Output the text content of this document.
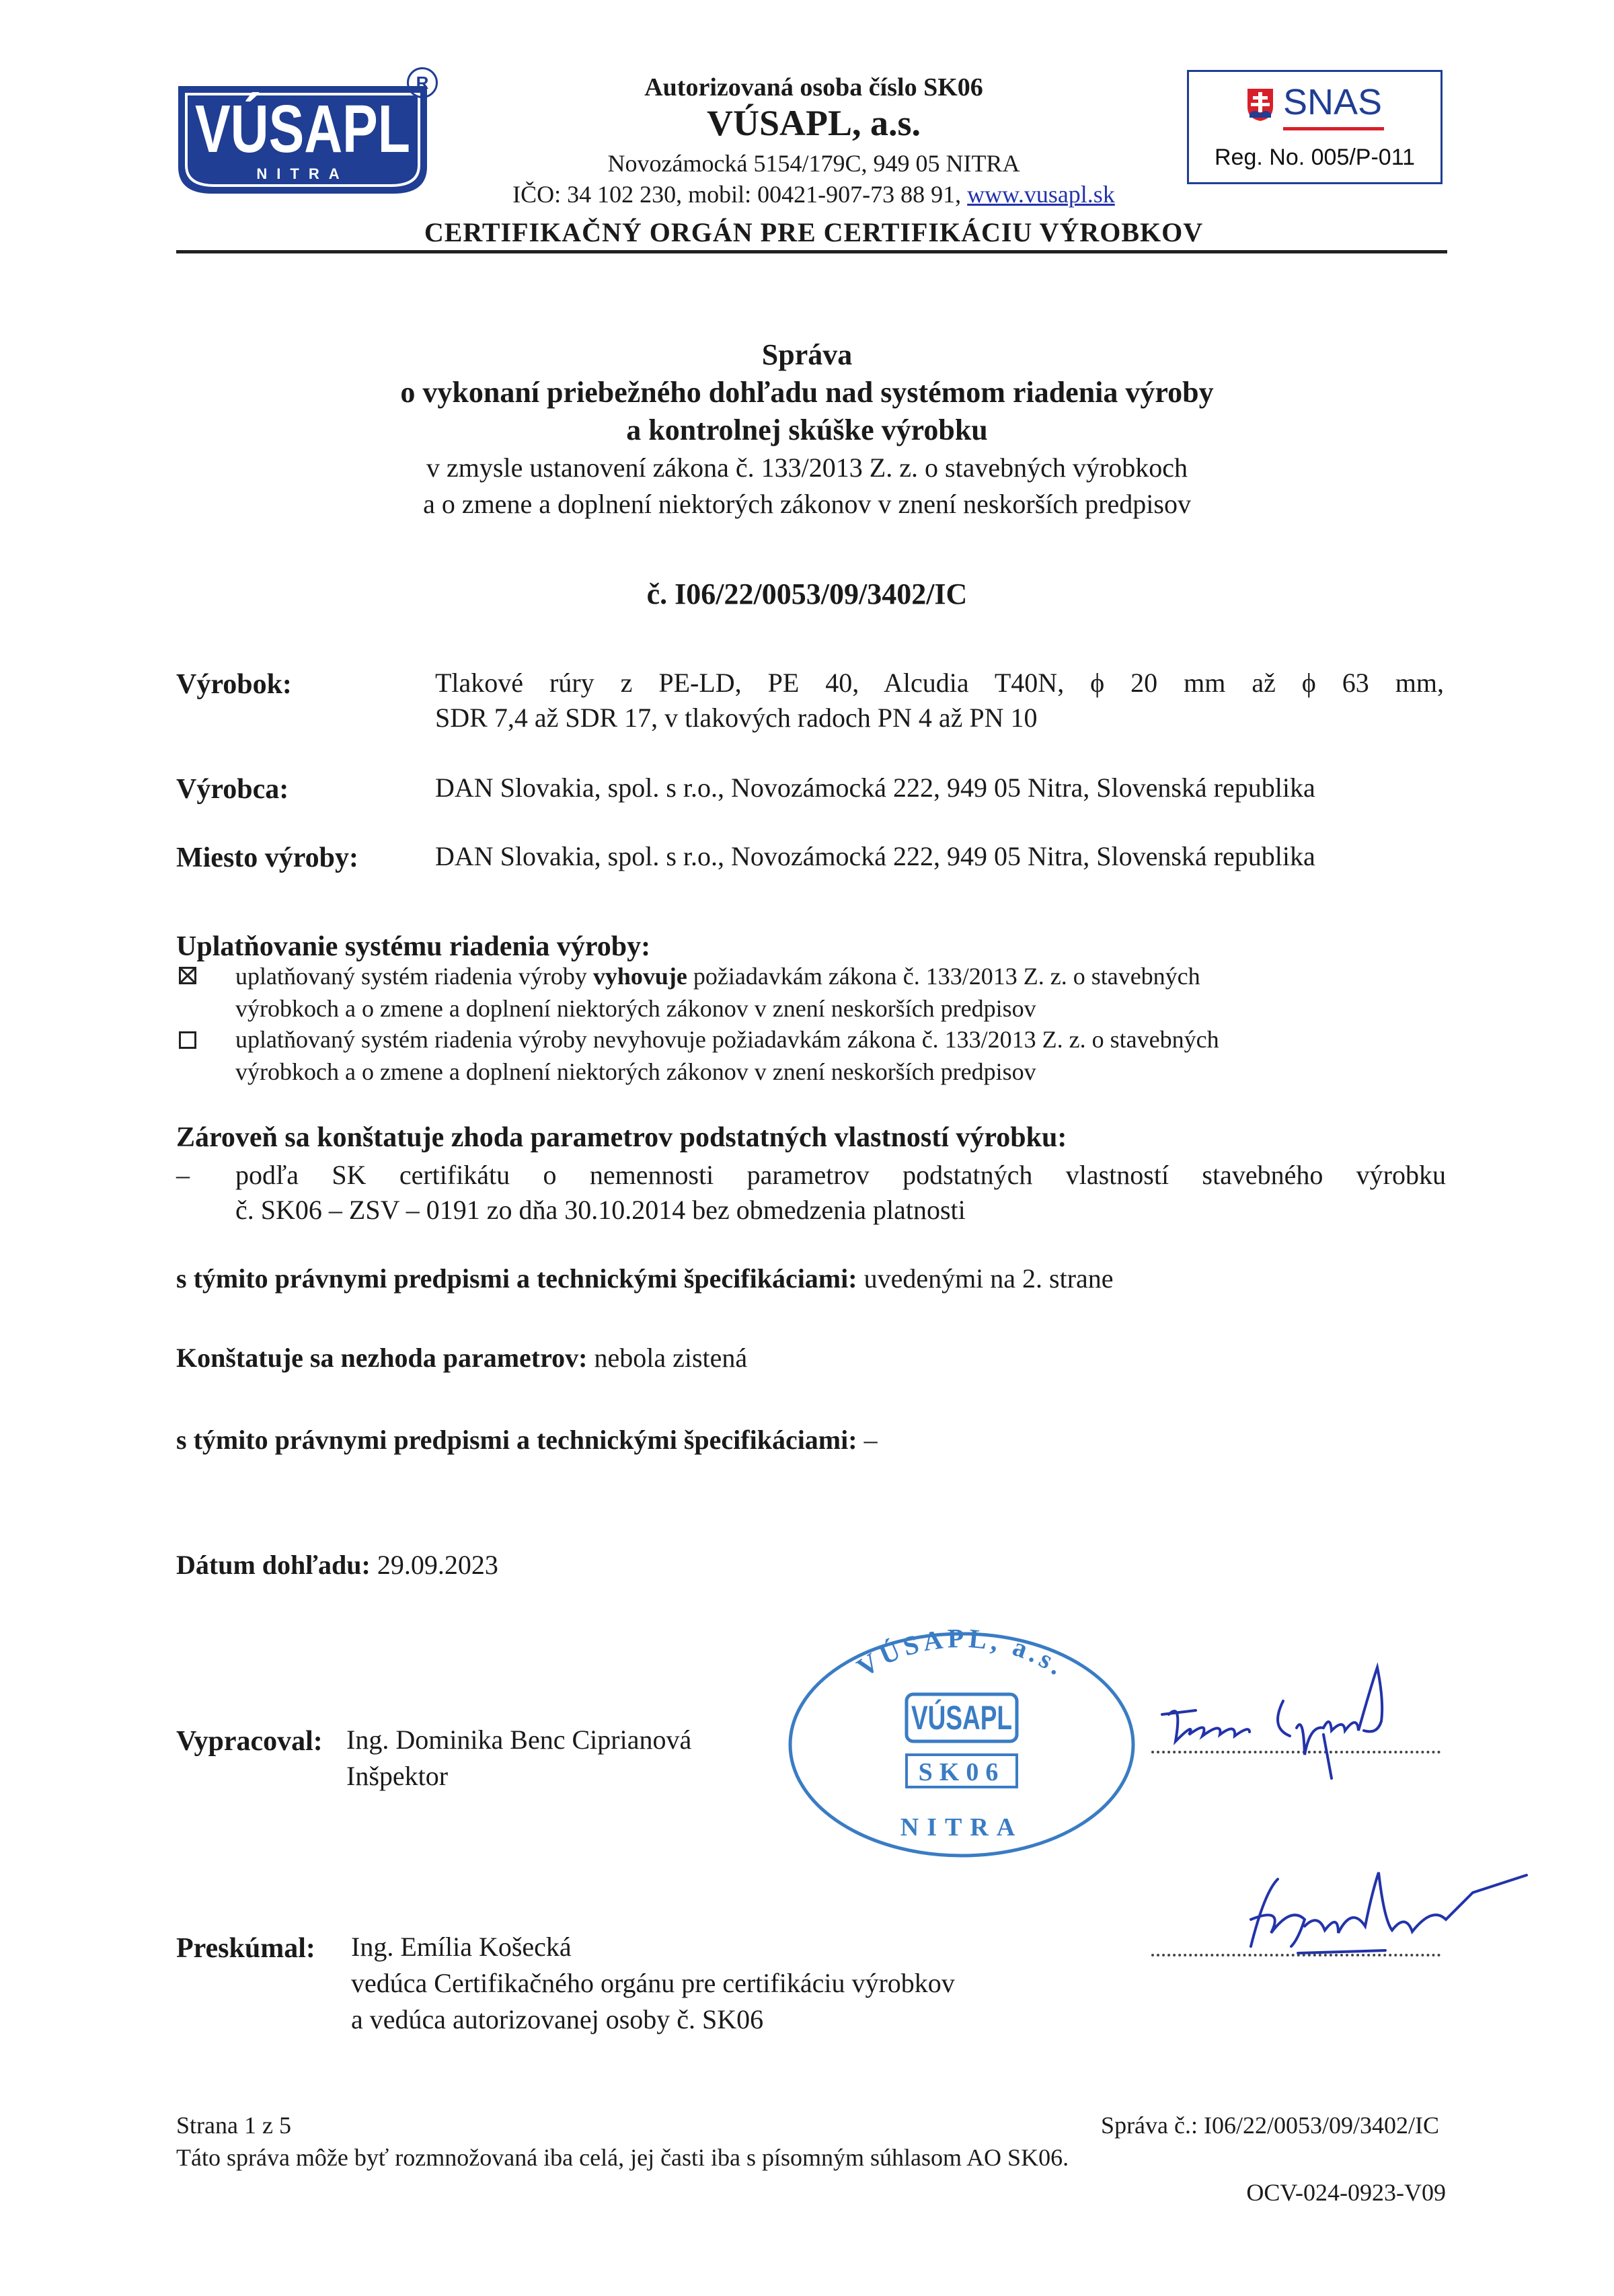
VÚSAPL
NITRA
R	Autorizovaná osoba číslo SK06
VÚSAPL, a.s.
Novozámocká 5154/179C, 949 05 NITRA
IČO: 34 102 230, mobil: 00421-907-73 88 91, www.vusapl.sk
CERTIFIKAČNÝ ORGÁN PRE CERTIFIKÁCIU VÝROBKOV
SNAS
Reg. No. 005/P-011
Správa
o vykonaní priebežného dohľadu nad systémom riadenia výroby
a kontrolnej skúške výrobku
v zmysle ustanovení zákona č. 133/2013 Z. z. o stavebných výrobkoch
a o zmene a doplnení niektorých zákonov v znení neskorších predpisov
č. I06/22/0053/09/3402/IC
Výrobok:	Tlakové rúry z PE-LD, PE 40, Alcudia T40N, ϕ 20 mm až ϕ 63 mm,
SDR 7,4 až SDR 17, v tlakových radoch PN 4 až PN 10
Výrobca:	DAN Slovakia, spol. s r.o., Novozámocká 222, 949 05 Nitra, Slovenská republika
Miesto výroby:	DAN Slovakia, spol. s r.o., Novozámocká 222, 949 05 Nitra, Slovenská republika
Uplatňovanie systému riadenia výroby:
uplatňovaný systém riadenia výroby vyhovuje požiadavkám zákona č. 133/2013 Z. z. o stavebných
výrobkoch a o zmene a doplnení niektorých zákonov v znení neskorších predpisov
uplatňovaný systém riadenia výroby nevyhovuje požiadavkám zákona č. 133/2013 Z. z. o stavebných
výrobkoch a o zmene a doplnení niektorých zákonov v znení neskorších predpisov
Zároveň sa konštatuje zhoda parametrov podstatných vlastností výrobku:
– podľa SK certifikátu o nemennosti parametrov podstatných vlastností stavebného výrobku
č. SK06 – ZSV – 0191 zo dňa 30.10.2014 bez obmedzenia platnosti
s týmito právnymi predpismi a technickými špecifikáciami: uvedenými na 2. strane
Konštatuje sa nezhoda parametrov: nebola zistená
s týmito právnymi predpismi a technickými špecifikáciami: –
Dátum dohľadu: 29.09.2023
VÚSAPL, a.s.
VÚSAPL
SK06
NITRA
Vypracoval: Ing. Dominika Benc Ciprianová
Inšpektor
Preskúmal: Ing. Emília Košecká
vedúca Certifikačného orgánu pre certifikáciu výrobkov
a vedúca autorizovanej osoby č. SK06
Strana 1 z 5	Správa č.: I06/22/0053/09/3402/IC
Táto správa môže byť rozmnožovaná iba celá, jej časti iba s písomným súhlasom AO SK06.
OCV-024-0923-V09
